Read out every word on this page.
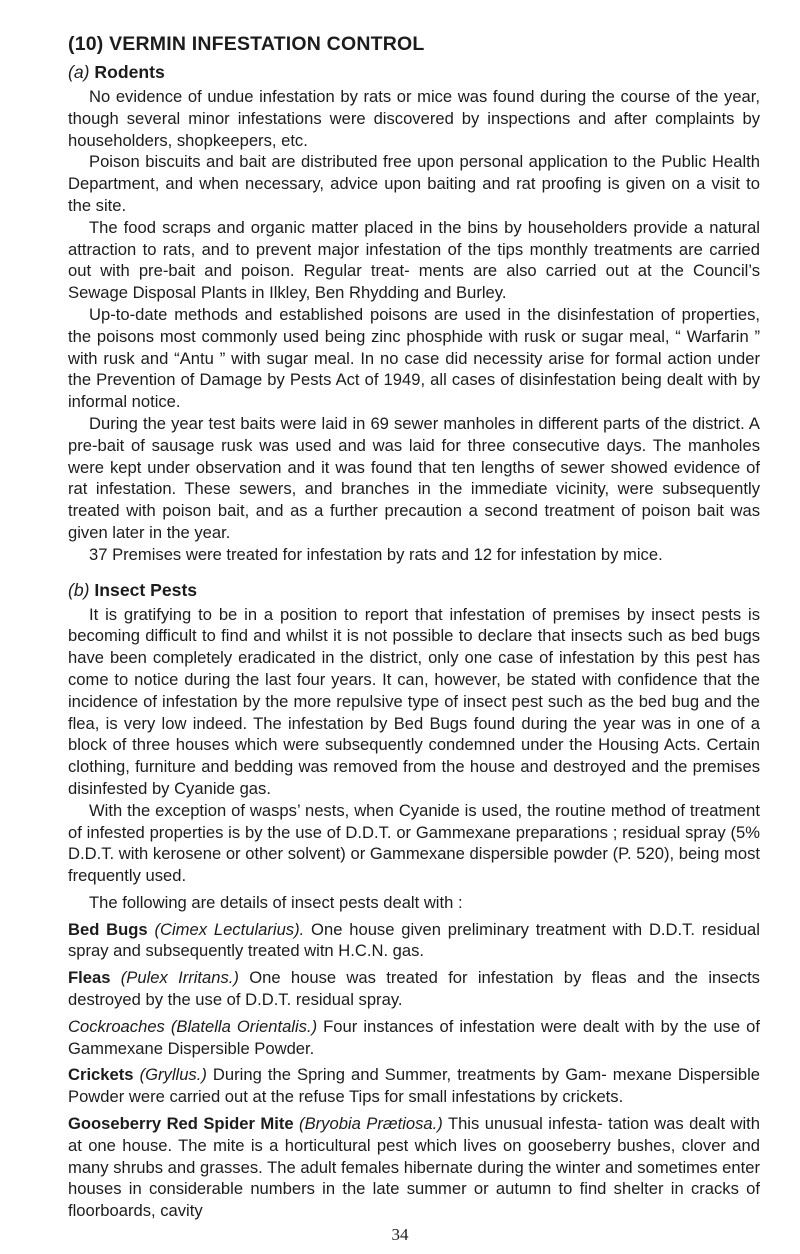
(10) VERMIN INFESTATION CONTROL
(a) Rodents

No evidence of undue infestation by rats or mice was found during the course of the year, though several minor infestations were discovered by inspections and after complaints by householders, shopkeepers, etc.

Poison biscuits and bait are distributed free upon personal application to the Public Health Department, and when necessary, advice upon baiting and rat proofing is given on a visit to the site.

The food scraps and organic matter placed in the bins by householders provide a natural attraction to rats, and to prevent major infestation of the tips monthly treatments are carried out with pre-bait and poison. Regular treat- ments are also carried out at the Council’s Sewage Disposal Plants in Ilkley, Ben Rhydding and Burley.

Up-to-date methods and established poisons are used in the disinfestation of properties, the poisons most commonly used being zinc phosphide with rusk or sugar meal, “ Warfarin ” with rusk and “Antu ” with sugar meal. In no case did necessity arise for formal action under the Prevention of Damage by Pests Act of 1949, all cases of disinfestation being dealt with by informal notice.

During the year test baits were laid in 69 sewer manholes in different parts of the district. A pre-bait of sausage rusk was used and was laid for three consecutive days. The manholes were kept under observation and it was found that ten lengths of sewer showed evidence of rat infestation. These sewers, and branches in the immediate vicinity, were subsequently treated with poison bait, and as a further precaution a second treatment of poison bait was given later in the year.

37 Premises were treated for infestation by rats and 12 for infestation by mice.

(b) Insect Pests

It is gratifying to be in a position to report that infestation of premises by insect pests is becoming difficult to find and whilst it is not possible to declare that insects such as bed bugs have been completely eradicated in the district, only one case of infestation by this pest has come to notice during the last four years. It can, however, be stated with confidence that the incidence of infestation by the more repulsive type of insect pest such as the bed bug and the flea, is very low indeed. The infestation by Bed Bugs found during the year was in one of a block of three houses which were subsequently condemned under the Housing Acts. Certain clothing, furniture and bedding was removed from the house and destroyed and the premises disinfested by Cyanide gas.

With the exception of wasps’ nests, when Cyanide is used, the routine method of treatment of infested properties is by the use of D.D.T. or Gammexane preparations ; residual spray (5% D.D.T. with kerosene or other solvent) or Gammexane dispersible powder (P. 520), being most frequently used.

The following are details of insect pests dealt with :

Bed Bugs (Cimex Lectularius). One house given preliminary treatment with D.D.T. residual spray and subsequently treated witn H.C.N. gas.

Fleas (Pulex Irritans.) One house was treated for infestation by fleas and the insects destroyed by the use of D.D.T. residual spray.

Cockroaches (Blatella Orientalis.) Four instances of infestation were dealt with by the use of Gammexane Dispersible Powder.

Crickets (Gryllus.) During the Spring and Summer, treatments by Gam- mexane Dispersible Powder were carried out at the refuse Tips for small infestations by crickets.

Gooseberry Red Spider Mite (Bryobia Prætiosa.) This unusual infesta- tation was dealt with at one house. The mite is a horticultural pest which lives on gooseberry bushes, clover and many shrubs and grasses. The adult females hibernate during the winter and sometimes enter houses in considerable numbers in the late summer or autumn to find shelter in cracks of floorboards, cavity

34
